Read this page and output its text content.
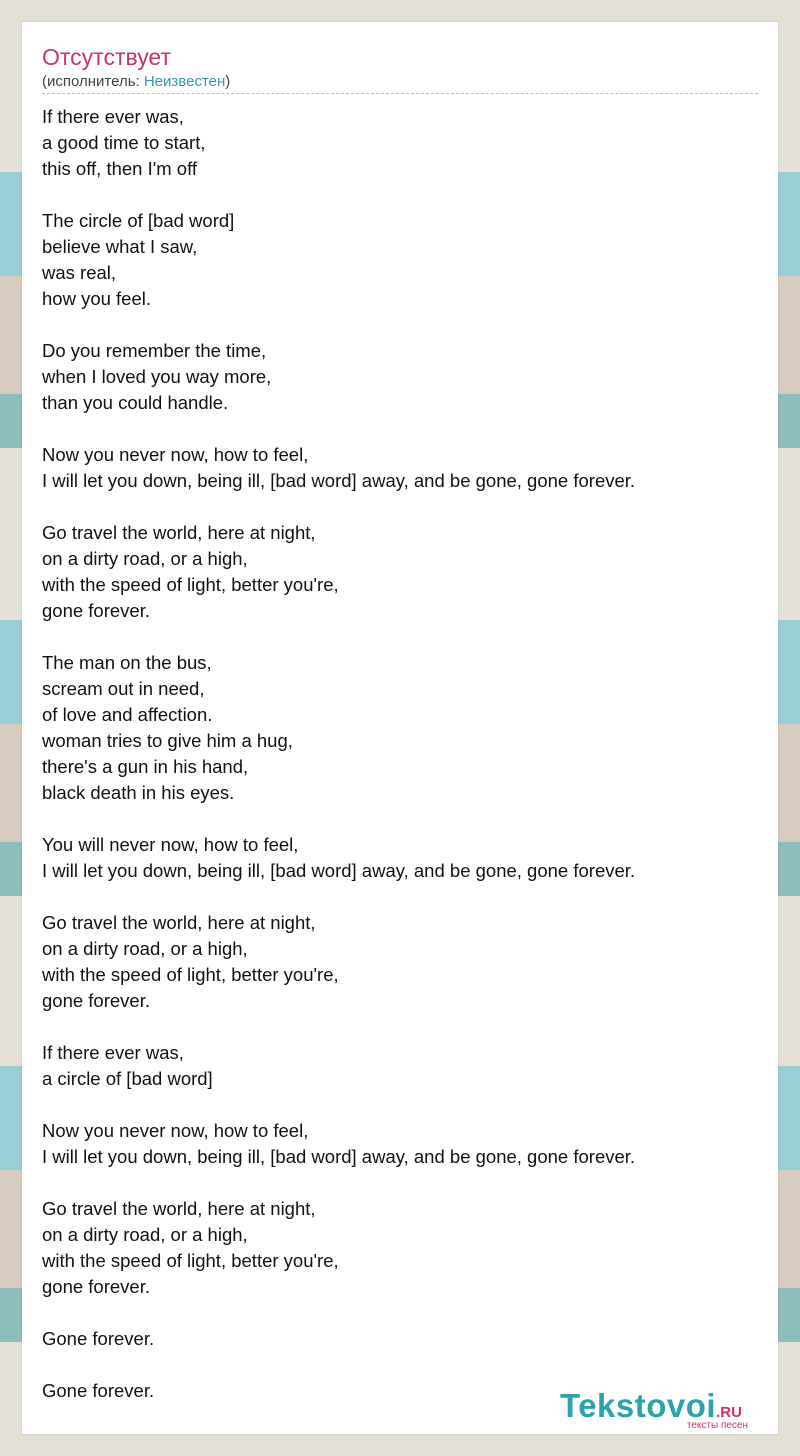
Отсутствует
(исполнитель: Неизвестен)
If there ever was,
a good time to start,
this off, then I'm off
The circle of [bad word]
believe what I saw,
was real,
how you feel.
Do you remember the time,
when I loved you way more,
than you could handle.
Now you never now, how to feel,
I will let you down, being ill, [bad word] away, and be gone, gone forever.
Go travel the world, here at night,
on a dirty road, or a high,
with the speed of light, better you're,
gone forever.
The man on the bus,
scream out in need,
of love and affection.
woman tries to give him a hug,
there's a gun in his hand,
black death in his eyes.
You will never now, how to feel,
I will let you down, being ill, [bad word] away, and be gone, gone forever.
Go travel the world, here at night,
on a dirty road, or a high,
with the speed of light, better you're,
gone forever.
If there ever was,
a circle of [bad word]
Now you never now, how to feel,
I will let you down, being ill, [bad word] away, and be gone, gone forever.
Go travel the world, here at night,
on a dirty road, or a high,
with the speed of light, better you're,
gone forever.
Gone forever.
Gone forever.	Tekstovoi.RU
тексты песен
